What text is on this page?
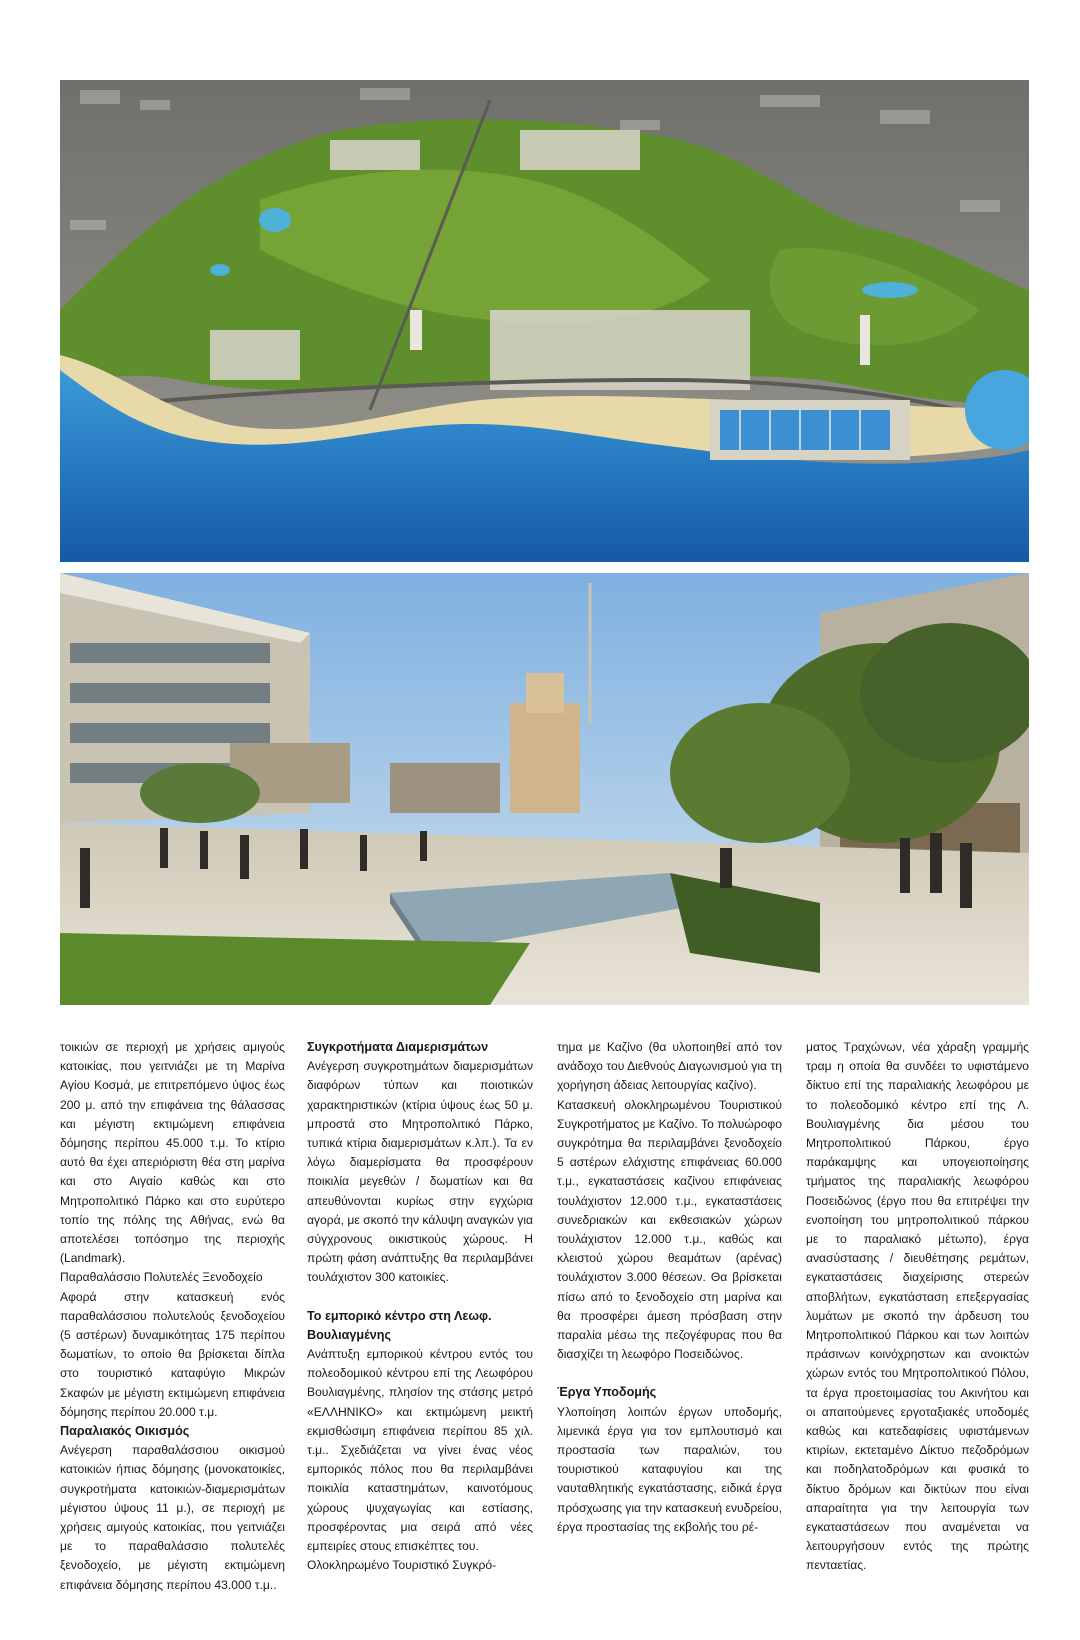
τοικιών σε περιοχή με χρήσεις αμιγούς κατοικίας, που γειτνιάζει με τη Μαρίνα Αγίου Κοσμά, με επιτρεπόμενο ύψος έως 200 μ. από την επιφάνεια της θάλασσας και μέγιστη εκτιμώμενη επιφάνεια δόμησης περίπου 45.000 τ.μ. Το κτίριο αυτό θα έχει απεριόριστη θέα στη μαρίνα και στο Αιγαίο καθώς και στο Μητροπολιτικό Πάρκο και στο ευρύτερο τοπίο της πόλης της Αθήνας, ενώ θα αποτελέσει τοπόσημο της περιοχής (Landmark).

Παραθαλάσσιο Πολυτελές Ξενοδοχείο

Αφορά στην κατασκευή ενός παραθαλάσσιου πολυτελούς ξενοδοχείου (5 αστέρων) δυναμικότητας 175 περίπου δωματίων, το οποίο θα βρίσκεται δίπλα στο τουριστικό καταφύγιο Μικρών Σκαφών με μέγιστη εκτιμώμενη επιφάνεια δόμησης περίπου 20.000 τ.μ.

Παραλιακός Οικισμός

Ανέγερση παραθαλάσσιου οικισμού κατοικιών ήπιας δόμησης (μονοκατοικίες, συγκροτήματα κατοικιών-διαμερισμάτων μέγιστου ύψους 11 μ.), σε περιοχή με χρήσεις αμιγούς κατοικίας, που γειτνιάζει με το παραθαλάσσιο πολυτελές ξενοδοχείο, με μέγιστη εκτιμώμενη επιφάνεια δόμησης περίπου 43.000 τ.μ..

Συγκροτήματα Διαμερισμάτων

Ανέγερση συγκροτημάτων διαμερισμάτων διαφόρων τύπων και ποιοτικών χαρακτηριστικών (κτίρια ύψους έως 50 μ. μπροστά στο Μητροπολιτικό Πάρκο, τυπικά κτίρια διαμερισμάτων κ.λπ.). Τα εν λόγω διαμερίσματα θα προσφέρουν ποικιλία μεγεθών / δωματίων και θα απευθύνονται κυρίως στην εγχώρια αγορά, με σκοπό την κάλυψη αναγκών για σύγχρονους οικιστικούς χώρους. Η πρώτη φάση ανάπτυξης θα περιλαμβάνει τουλάχιστον 300 κατοικίες.

Το εμπορικό κέντρο στη Λεωφ. Βουλιαγμένης

Ανάπτυξη εμπορικού κέντρου εντός του πολεοδομικού κέντρου επί της Λεωφόρου Βουλιαγμένης, πλησίον της στάσης μετρό «ΕΛΛΗΝΙΚΟ» και εκτιμώμενη μεικτή εκμισθώσιμη επιφάνεια περίπου 85 χιλ. τ.μ.. Σχεδιάζεται να γίνει ένας νέος εμπορικός πόλος που θα περιλαμβάνει ποικιλία καταστημάτων, καινοτόμους χώρους ψυχαγωγίας και εστίασης, προσφέροντας μια σειρά από νέες εμπειρίες στους επισκέπτες του.

Ολοκληρωμένο Τουριστικό Συγκρό-

τημα με Καζίνο (θα υλοποιηθεί από τον ανάδοχο του Διεθνούς Διαγωνισμού για τη χορήγηση άδειας λειτουργίας καζίνο).

Κατασκευή ολοκληρωμένου Τουριστικού Συγκροτήματος με Καζίνο. Το πολυώροφο συγκρότημα θα περιλαμβάνει ξενοδοχείο 5 αστέρων ελάχιστης επιφάνειας 60.000 τ.μ., εγκαταστάσεις καζίνου επιφάνειας τουλάχιστον 12.000 τ.μ., εγκαταστάσεις συνεδριακών και εκθεσιακών χώρων τουλάχιστον 12.000 τ.μ., καθώς και κλειστού χώρου θεαμάτων (αρένας) τουλάχιστον 3.000 θέσεων. Θα βρίσκεται πίσω από το ξενοδοχείο στη μαρίνα και θα προσφέρει άμεση πρόσβαση στην παραλία μέσω της πεζογέφυρας που θα διασχίζει τη λεωφόρο Ποσειδώνος.

Έργα Υποδομής

Υλοποίηση λοιπών έργων υποδομής, λιμενικά έργα για τον εμπλουτισμό και προστασία των παραλιών, του τουριστικού καταφυγίου και της ναυταθλητικής εγκατάστασης, ειδικά έργα πρόσχωσης για την κατασκευή ενυδρείου, έργα προστασίας της εκβολής του ρέ-

ματος Τραχώνων, νέα χάραξη γραμμής τραμ η οποία θα συνδέει το υφιστάμενο δίκτυο επί της παραλιακής λεωφόρου με το πολεοδομικό κέντρο επί της Λ. Βουλιαγμένης δια μέσου του Μητροπολιτικού Πάρκου, έργο παράκαμψης και υπογειοποίησης τμήματος της παραλιακής λεωφόρου Ποσειδώνος (έργο που θα επιτρέψει την ενοποίηση του μητροπολιτικού πάρκου με το παραλιακό μέτωπο), έργα ανασύστασης / διευθέτησης ρεμάτων, εγκαταστάσεις διαχείρισης στερεών αποβλήτων, εγκατάσταση επεξεργασίας λυμάτων με σκοπό την άρδευση του Μητροπολιτικού Πάρκου και των λοιπών πράσινων κοινόχρηστων και ανοικτών χώρων εντός του Μητροπολιτικού Πόλου, τα έργα προετοιμασίας του Ακινήτου και οι απαιτούμενες εργοταξιακές υποδομές καθώς και κατεδαφίσεις υφιστάμενων κτιρίων, εκτεταμένο Δίκτυο πεζοδρόμων και ποδηλατοδρόμων και φυσικά το δίκτυο δρόμων και δικτύων που είναι απαραίτητα για την λειτουργία των εγκαταστάσεων που αναμένεται να λειτουργήσουν εντός της πρώτης πενταετίας.
